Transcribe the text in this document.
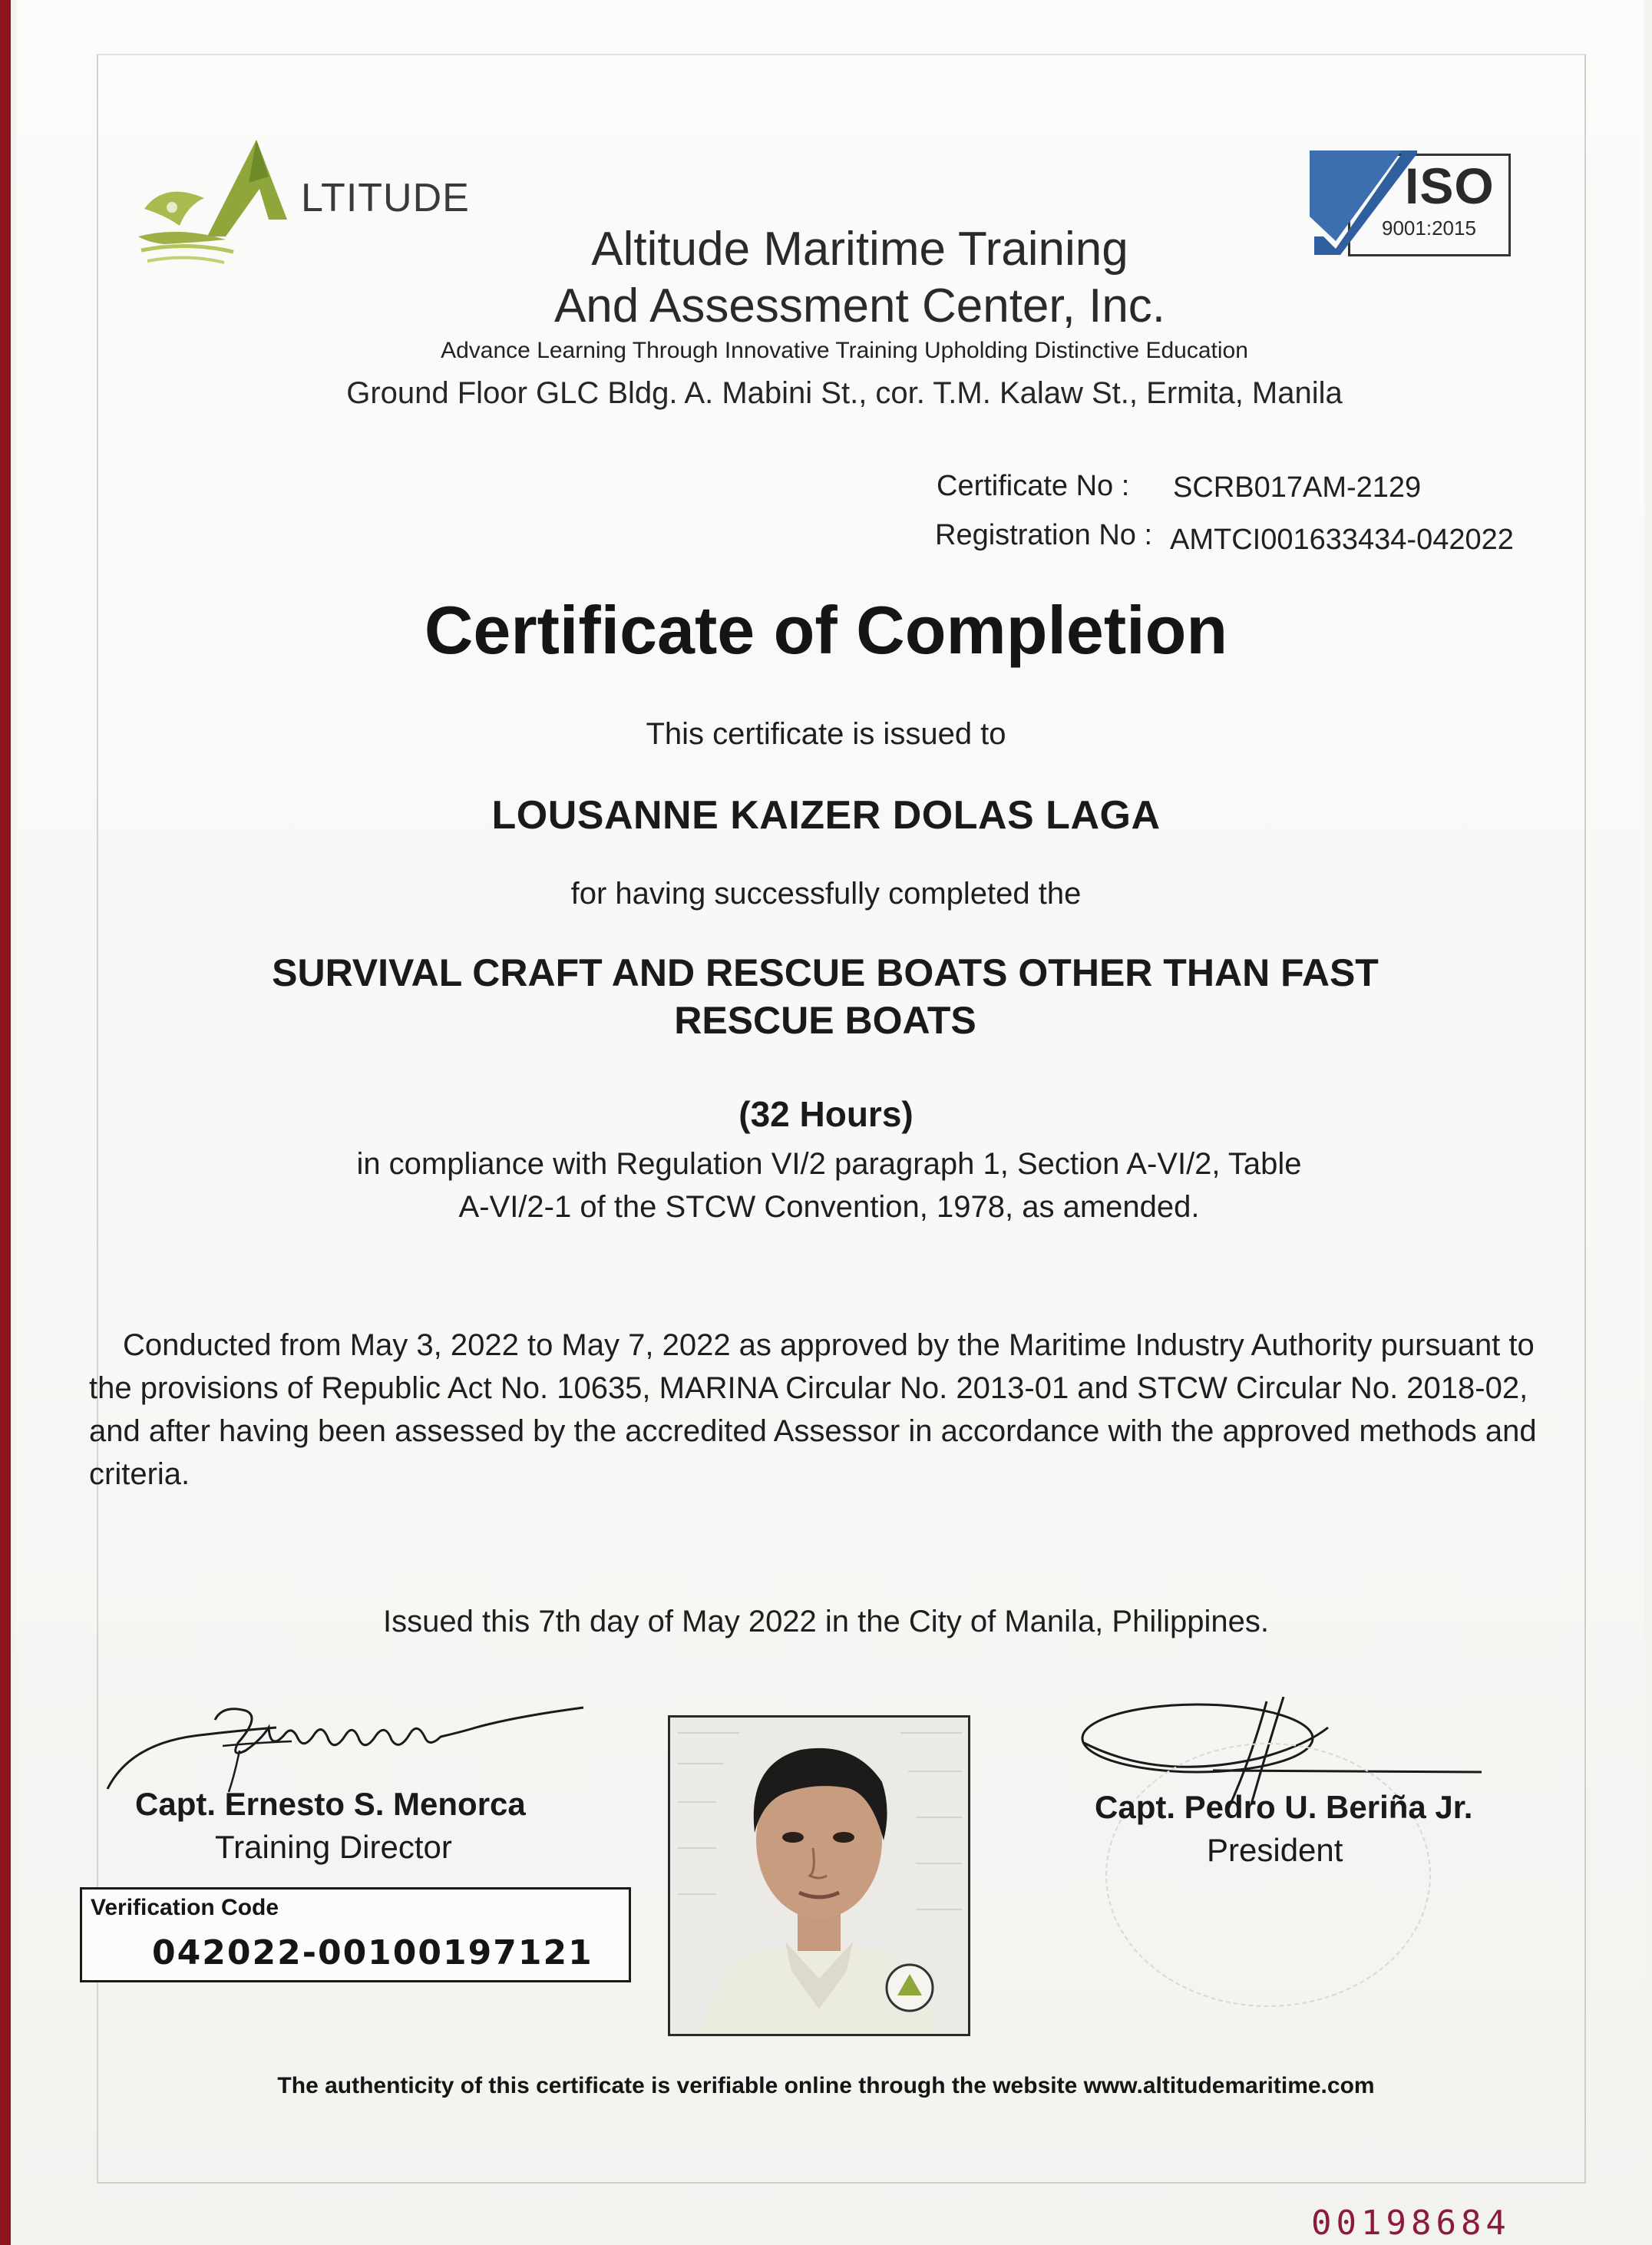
LTITUDE
Altitude Maritime Training
And Assessment Center, Inc.
Advance Learning Through Innovative Training Upholding Distinctive Education
Ground Floor GLC Bldg. A. Mabini St., cor. T.M. Kalaw St., Ermita, Manila
ISO
9001:2015
Certificate No : SCRB017AM-2129
Registration No : AMTCI001633434-042022
Certificate of Completion
This certificate is issued to
LOUSANNE KAIZER DOLAS LAGA
for having successfully completed the
SURVIVAL CRAFT AND RESCUE BOATS OTHER THAN FAST
RESCUE BOATS
(32 Hours)
in compliance with Regulation VI/2 paragraph 1, Section A-VI/2, Table
A-VI/2-1 of the STCW Convention, 1978, as amended.
Conducted from May 3, 2022 to May 7, 2022 as approved by the Maritime Industry Authority pursuant to the provisions of Republic Act No. 10635, MARINA Circular No. 2013-01 and STCW Circular No. 2018-02, and after having been assessed by the accredited Assessor in accordance with the approved methods and criteria.
Issued this 7th day of May 2022 in the City of Manila, Philippines.
Capt. Ernesto S. Menorca
Training Director
Verification Code
042022-00100197121
Capt. Pedro U. Beriña Jr.
President
The authenticity of this certificate is verifiable online through the website www.altitudemaritime.com
00198684
